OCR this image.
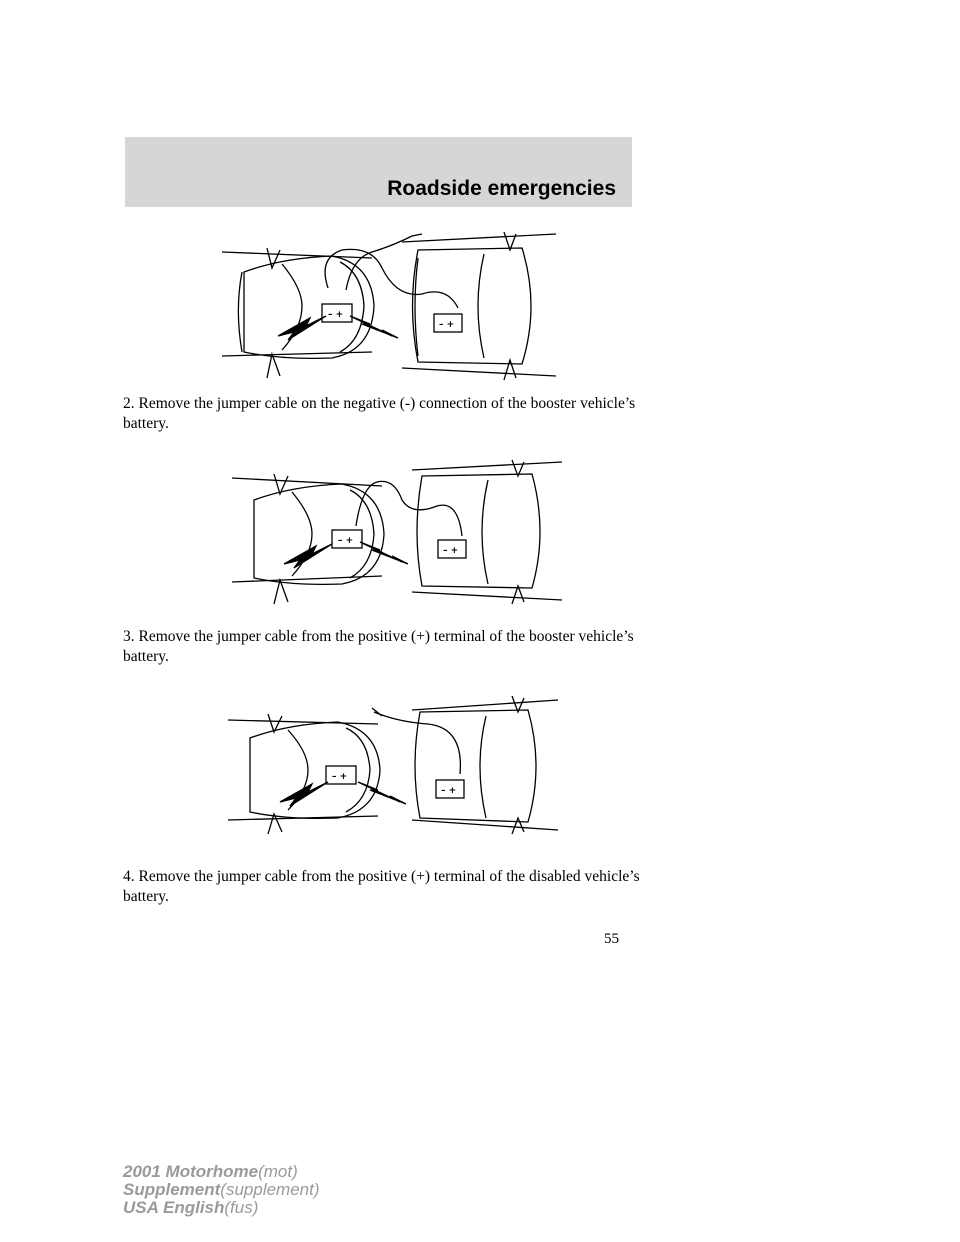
Roadside emergencies
– +
– +

2. Remove the jumper cable on the negative (-) connection of the booster vehicle’s battery.

– +
– +

3. Remove the jumper cable from the positive (+) terminal of the booster vehicle’s battery.

– +
– +

4. Remove the jumper cable from the positive (+) terminal of the disabled vehicle’s battery.

55
2001 Motorhome(mot)
Supplement(supplement)
USA English(fus)
